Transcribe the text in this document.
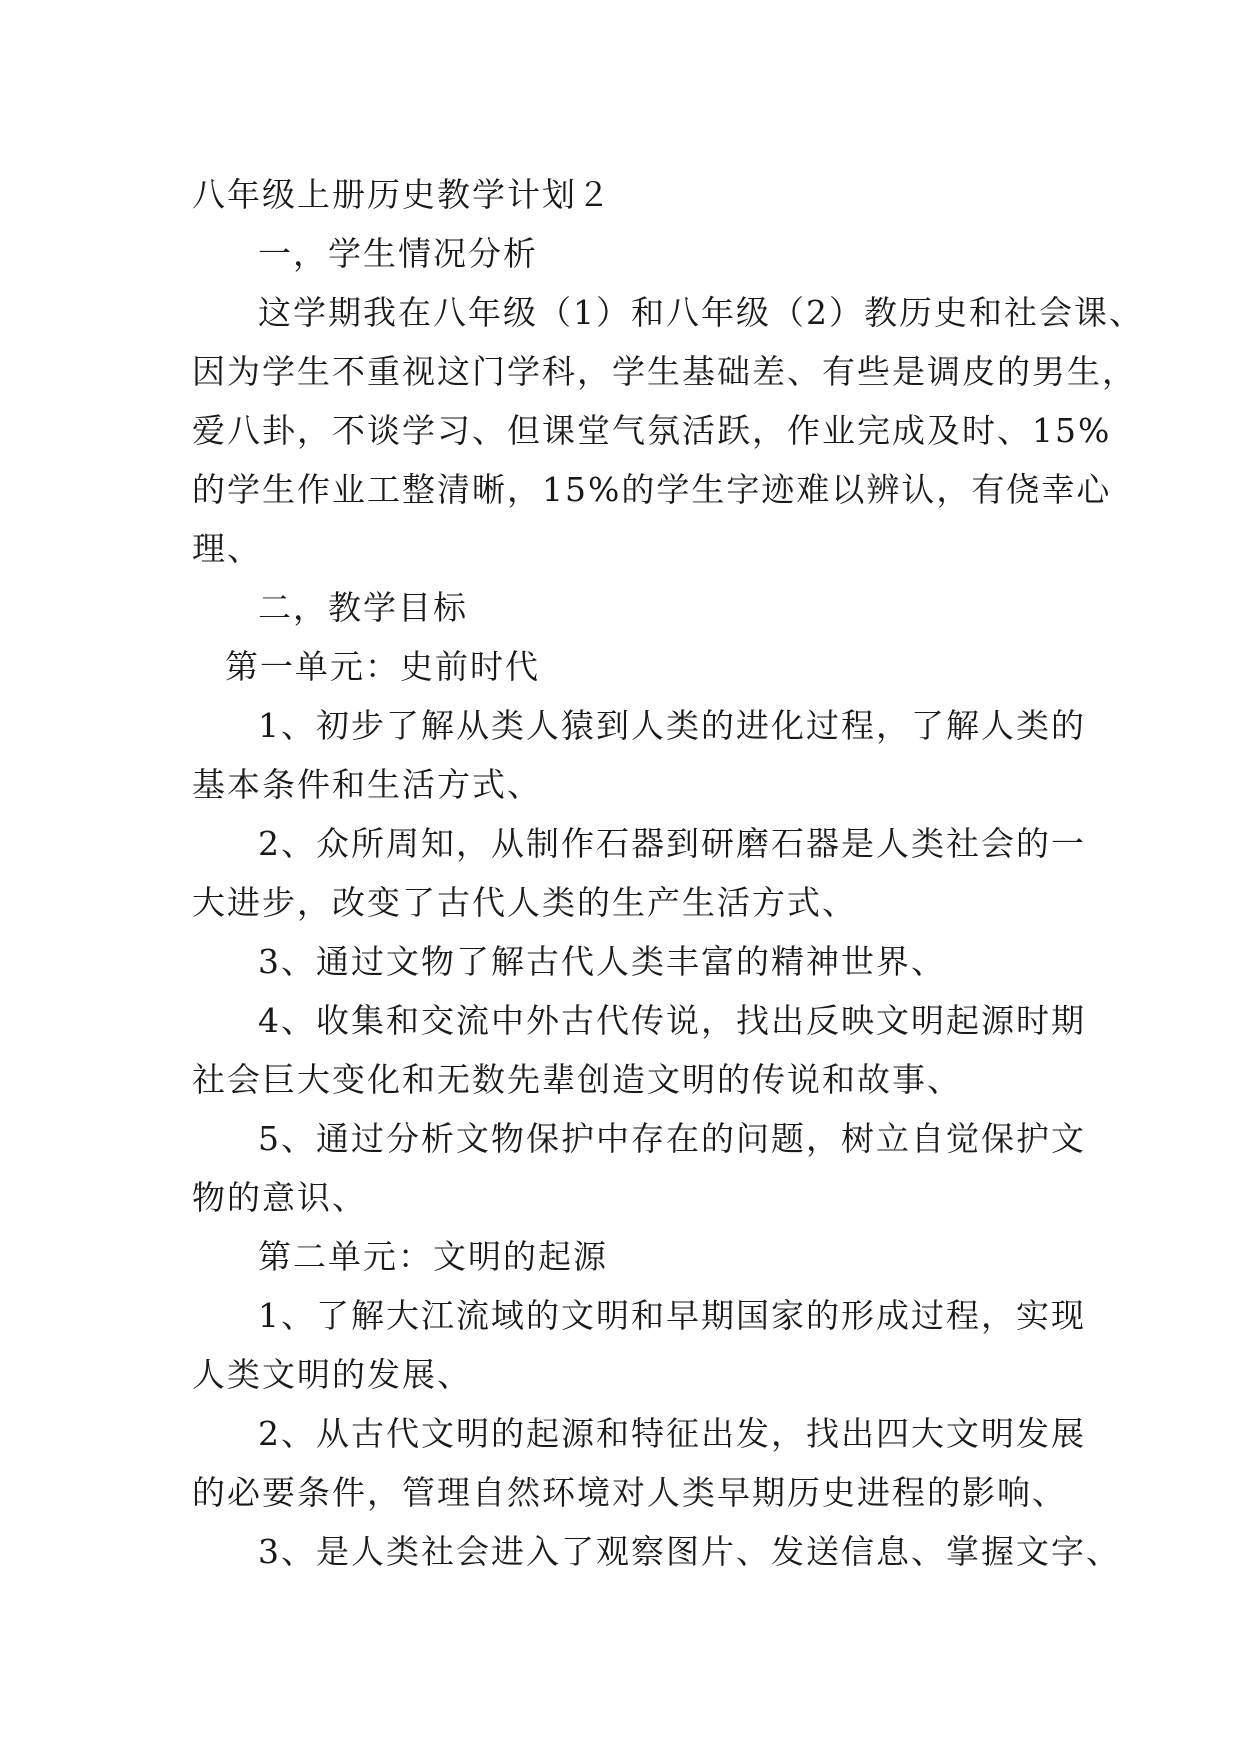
八年级上册历史教学计划２
一，学生情况分析
这学期我在八年级（1）和八年级（2）教历史和社会课、
因为学生不重视这门学科，学生基础差、有些是调皮的男生，
爱八卦，不谈学习、但课堂气氛活跃，作业完成及时、15%
的学生作业工整清晰，15%的学生字迹难以辨认，有侥幸心
理、
二，教学目标
第一单元：史前时代
1、初步了解从类人猿到人类的进化过程，了解人类的
基本条件和生活方式、
2、众所周知，从制作石器到研磨石器是人类社会的一
大进步，改变了古代人类的生产生活方式、
3、通过文物了解古代人类丰富的精神世界、
4、收集和交流中外古代传说，找出反映文明起源时期
社会巨大变化和无数先辈创造文明的传说和故事、
5、通过分析文物保护中存在的问题，树立自觉保护文
物的意识、
第二单元：文明的起源
1、了解大江流域的文明和早期国家的形成过程，实现
人类文明的发展、
2、从古代文明的起源和特征出发，找出四大文明发展
的必要条件，管理自然环境对人类早期历史进程的影响、
3、是人类社会进入了观察图片、发送信息、掌握文字、
